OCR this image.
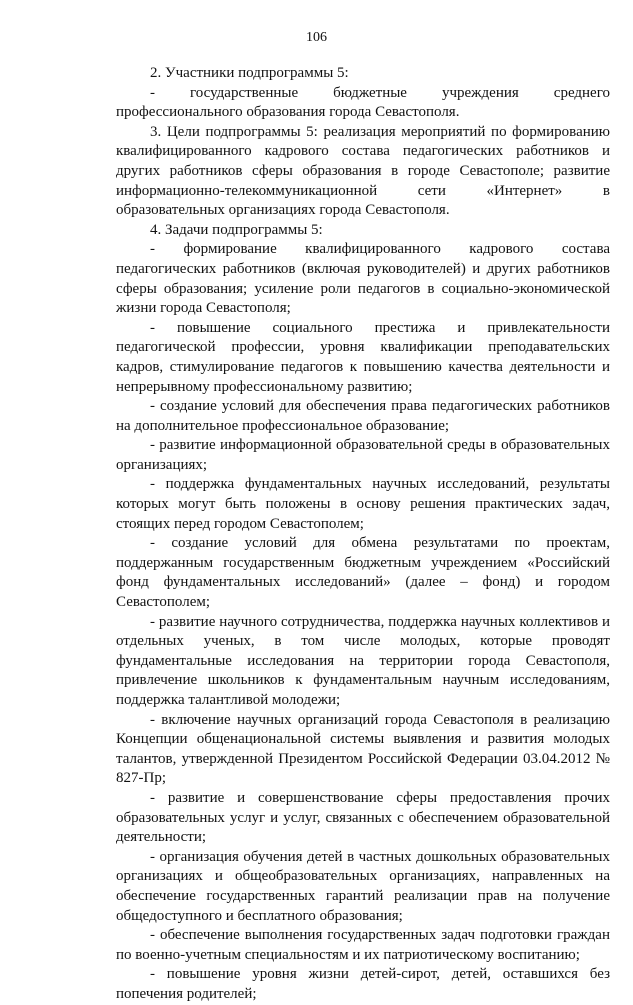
106

2. Участники подпрограммы 5:

- государственные бюджетные учреждения среднего профессионального образования города Севастополя.

3. Цели подпрограммы 5: реализация мероприятий по формированию квалифицированного кадрового состава педагогических работников и других работников сферы образования в городе Севастополе; развитие информационно-телекоммуникационной сети «Интернет» в образовательных организациях города Севастополя.

4. Задачи подпрограммы 5:

- формирование квалифицированного кадрового состава педагогических работников (включая руководителей) и других работников сферы образования; усиление роли педагогов в социально-экономической жизни города Севастополя;

- повышение социального престижа и привлекательности педагогической профессии, уровня квалификации преподавательских кадров, стимулирование педагогов к повышению качества деятельности и непрерывному профессиональному развитию;

- создание условий для обеспечения права педагогических работников на дополнительное профессиональное образование;

- развитие информационной образовательной среды в образовательных организациях;

- поддержка фундаментальных научных исследований, результаты которых могут быть положены в основу решения практических задач, стоящих перед городом Севастополем;

- создание условий для обмена результатами по проектам, поддержанным государственным бюджетным учреждением «Российский фонд фундаментальных исследований» (далее – фонд) и городом Севастополем;

- развитие научного сотрудничества, поддержка научных коллективов и отдельных ученых, в том числе молодых, которые проводят фундаментальные исследования на территории города Севастополя, привлечение школьников к фундаментальным научным исследованиям, поддержка талантливой молодежи;

- включение научных организаций города Севастополя в реализацию Концепции общенациональной системы выявления и развития молодых талантов, утвержденной Президентом Российской Федерации 03.04.2012 № 827-Пр;

- развитие и совершенствование сферы предоставления прочих образовательных услуг и услуг, связанных с обеспечением образовательной деятельности;

- организация обучения детей в частных дошкольных образовательных организациях и общеобразовательных организациях, направленных на обеспечение государственных гарантий реализации прав на получение общедоступного и бесплатного образования;

- обеспечение выполнения государственных задач подготовки граждан по военно-учетным специальностям и их патриотическому воспитанию;

- повышение уровня жизни детей-сирот, детей, оставшихся без попечения родителей;
